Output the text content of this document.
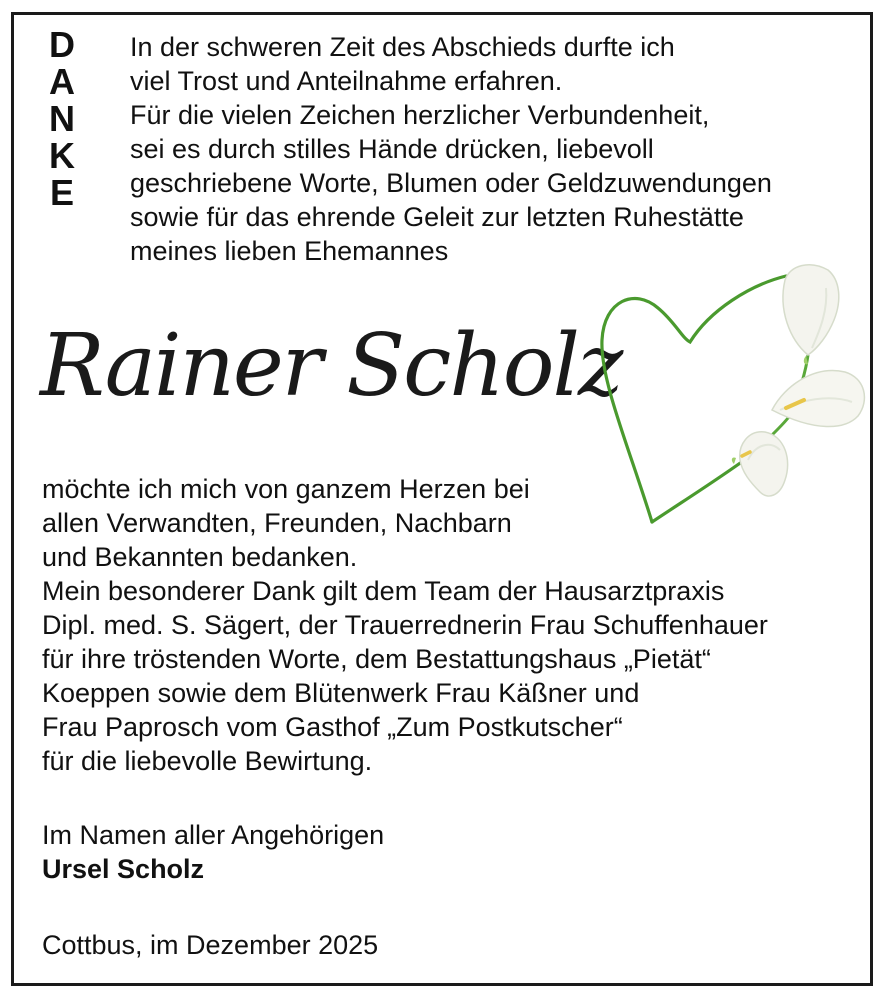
D
A
N
K
E
In der schweren Zeit des Abschieds durfte ich
viel Trost und Anteilnahme erfahren.
Für die vielen Zeichen herzlicher Verbundenheit,
sei es durch stilles Hände drücken, liebevoll
geschriebene Worte, Blumen oder Geldzuwendungen
sowie für das ehrende Geleit zur letzten Ruhestätte
meines lieben Ehemannes
Rainer Scholz
möchte ich mich von ganzem Herzen bei
allen Verwandten, Freunden, Nachbarn
und Bekannten bedanken.
Mein besonderer Dank gilt dem Team der Hausarztpraxis
Dipl. med. S. Sägert, der Trauerrednerin Frau Schuffenhauer
für ihre tröstenden Worte, dem Bestattungshaus „Pietät“
Koeppen sowie dem Blütenwerk Frau Käßner und
Frau Paprosch vom Gasthof „Zum Postkutscher“
für die liebevolle Bewirtung.
Im Namen aller Angehörigen
Ursel Scholz
Cottbus, im Dezember 2025
